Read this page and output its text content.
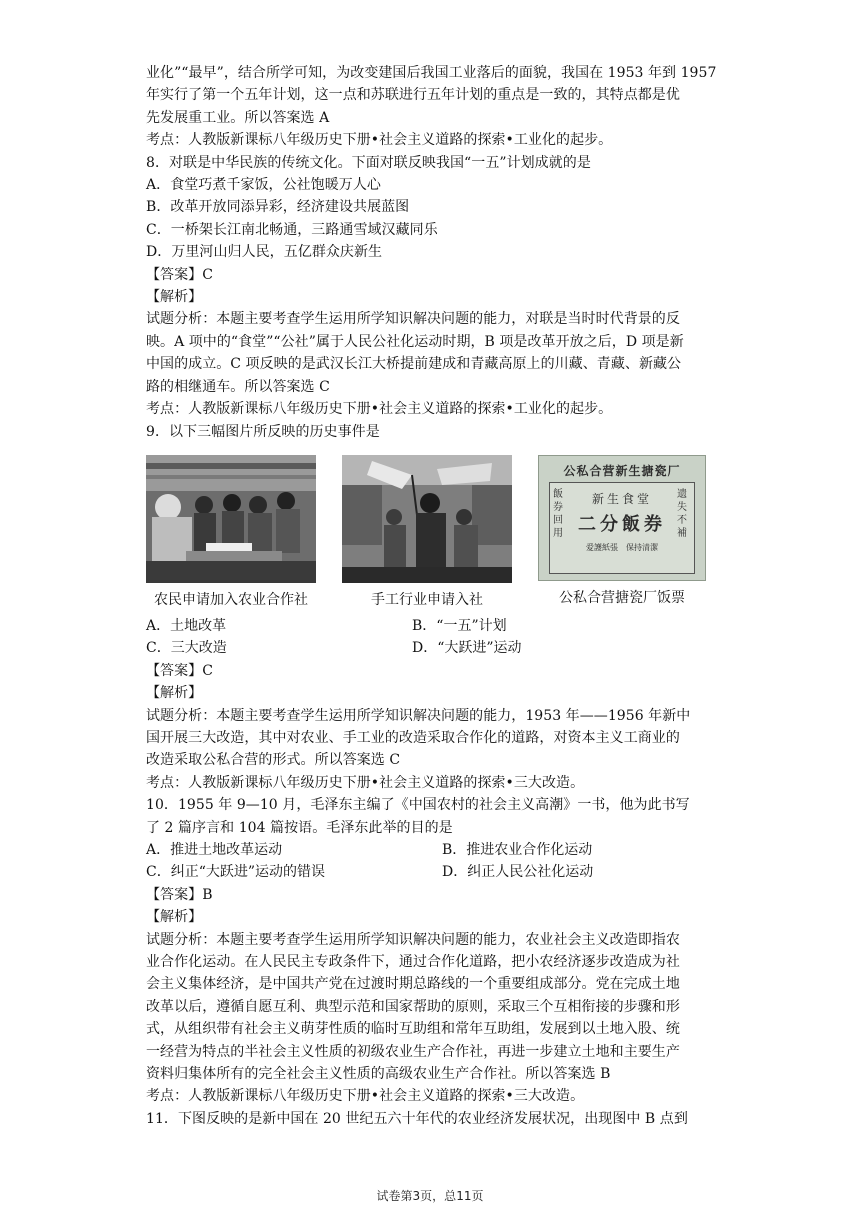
业化”“最早”，结合所学可知，为改变建国后我国工业落后的面貌，我国在 1953 年到 1957
年实行了第一个五年计划，这一点和苏联进行五年计划的重点是一致的，其特点都是优
先发展重工业。所以答案选 A
考点：人教版新课标八年级历史下册•社会主义道路的探索•工业化的起步。
8．对联是中华民族的传统文化。下面对联反映我国“一五”计划成就的是
A．食堂巧煮千家饭，公社饱暖万人心
B．改革开放同添异彩，经济建设共展蓝图
C．一桥架长江南北畅通，三路通雪域汉藏同乐
D．万里河山归人民，五亿群众庆新生
【答案】C
【解析】
试题分析：本题主要考查学生运用所学知识解决问题的能力，对联是当时时代背景的反
映。A 项中的“食堂”“公社”属于人民公社化运动时期，B 项是改革开放之后，D 项是新
中国的成立。C 项反映的是武汉长江大桥提前建成和青藏高原上的川藏、青藏、新藏公
路的相继通车。所以答案选 C
考点：人教版新课标八年级历史下册•社会主义道路的探索•工业化的起步。
9．以下三幅图片所反映的历史事件是
农民申请加入农业合作社	手工行业申请入社
公私合营新生搪瓷厂
飯券回用
遗失不補
新生食堂
二分飯券
爱護紙張　保持清潔
公私合营搪瓷厂饭票
A．土地改革	B．“一五”计划
C．三大改造	D．“大跃进”运动
【答案】C
【解析】
试题分析：本题主要考查学生运用所学知识解决问题的能力，1953 年——1956 年新中
国开展三大改造，其中对农业、手工业的改造采取合作化的道路，对资本主义工商业的
改造采取公私合营的形式。所以答案选 C
考点：人教版新课标八年级历史下册•社会主义道路的探索•三大改造。
10．1955 年 9—10 月，毛泽东主编了《中国农村的社会主义高潮》一书，他为此书写
了 2 篇序言和 104 篇按语。毛泽东此举的目的是
A．推进土地改革运动	B．推进农业合作化运动
C．纠正“大跃进”运动的错误	D．纠正人民公社化运动
【答案】B
【解析】
试题分析：本题主要考查学生运用所学知识解决问题的能力，农业社会主义改造即指农
业合作化运动。在人民民主专政条件下，通过合作化道路，把小农经济逐步改造成为社
会主义集体经济，是中国共产党在过渡时期总路线的一个重要组成部分。党在完成土地
改革以后，遵循自愿互利、典型示范和国家帮助的原则，采取三个互相衔接的步骤和形
式，从组织带有社会主义萌芽性质的临时互助组和常年互助组，发展到以土地入股、统
一经营为特点的半社会主义性质的初级农业生产合作社，再进一步建立土地和主要生产
资料归集体所有的完全社会主义性质的高级农业生产合作社。所以答案选 B
考点：人教版新课标八年级历史下册•社会主义道路的探索•三大改造。
11．下图反映的是新中国在 20 世纪五六十年代的农业经济发展状况，出现图中 B 点到
试卷第3页，总11页
